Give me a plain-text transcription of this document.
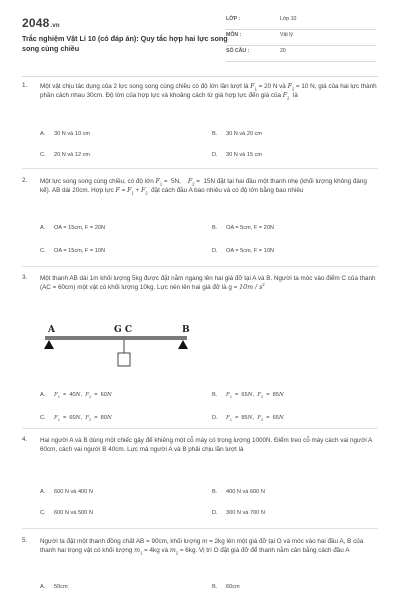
2048.vn
Trắc nghiệm Vật Lí 10 (có đáp án): Quy tắc hợp hai lực song song cùng chiều
LỚP :	Lớp 10
MÔN :	Vật lý
SỐ CÂU :	20
1. Một vật chịu tác dụng của 2 lực song song cùng chiều có độ lớn lần lượt là $F_1 = 20$ N và $F_2 = 10$ N, giá của hai lực thành phần cách nhau 30cm. Độ lớn của hợp lực và khoảng cách từ giá hợp lực đến giá của $F_2$  là
A. 30 N và 10 cm	B. 30 N và 20 cm
C. 20 N và 12 cm	D. 30 N và 15 cm
2. Một lực song song cùng chiều, có độ lớn $F_1 = 5N$,    $F_2 = 15N$ đặt tại hai đầu một thanh nhẹ (khối lượng không đáng kể). AB dài 20cm. Hợp lực $F = F_1 + F_2$  đặt cách đầu A bao nhiêu và có độ lớn bằng bao nhiêu
A. OA = 15cm, F = 20N	B. OA = 5cm, F = 20N
C. OA = 15cm, F = 10N	D. OA = 5cm, F = 10N
3. Một thanh AB dài 1m khối lượng 5kg được đặt nằm ngang lên hai giá đỡ tại A và B. Người ta móc vào điểm C của thanh (AC = 60cm) một vật có khối lượng 10kg. Lực nén lên hai giá đỡ là $g = 10m / s^2$
A. $F_1 = 40N$,  $F_2 = 60N$	B. $F_1 = 65N$,  $F_2 = 85N$
C. $F_1 = 60N$,  $F_2 = 80N$	D. $F_1 = 85N$,  $F_2 = 65N$
A	G C	B
4. Hai người A và B dùng một chiếc gậy để khiêng một cỗ máy có trọng lượng 1000N. Điểm treo cỗ máy cách vai người A 60cm, cách vai người B 40cm. Lực mà người A và B phải chịu lần lượt là
A. 600 N và 400 N	B. 400 N và 600 N
C. 600 N và 500 N	D. 300 N và 700 N
5. Người ta đặt một thanh đồng chất AB = 90cm, khối lượng m = 2kg lên một giá đỡ tại O và móc vào hai đầu A, B của thanh hai trọng vật có khối lượng $m_1 = 4kg$ và $m_2 = 6kg$. Vị trí O đặt giá đỡ để thanh nằm cân bằng cách đầu A
A. 50cm	B. 60cm
